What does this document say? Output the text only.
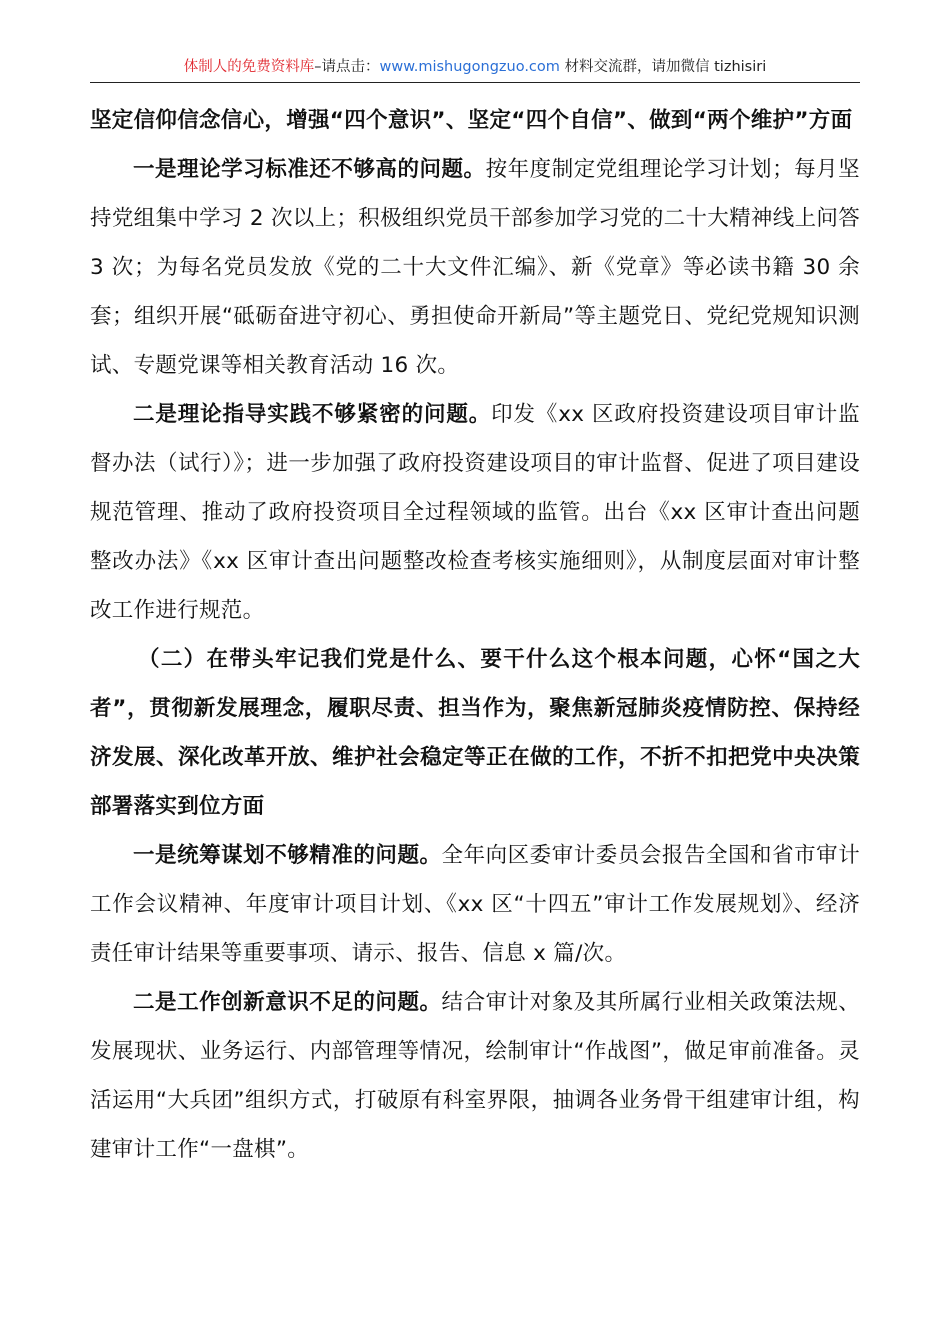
体制人的免费资料库–请点击：www.mishugongzuo.com 材料交流群，请加微信 tizhisiri

坚定信仰信念信心，增强“四个意识”、坚定“四个自信”、做到“两个维护”方面

一是理论学习标准还不够高的问题。按年度制定党组理论学习计划；每月坚持党组集中学习 2 次以上；积极组织党员干部参加学习党的二十大精神线上问答 3 次；为每名党员发放《党的二十大文件汇编》、新《党章》等必读书籍 30 余套；组织开展“砥砺奋进守初心、勇担使命开新局”等主题党日、党纪党规知识测试、专题党课等相关教育活动 16 次。

二是理论指导实践不够紧密的问题。印发《xx 区政府投资建设项目审计监督办法（试行）》；进一步加强了政府投资建设项目的审计监督、促进了项目建设规范管理、推动了政府投资项目全过程领域的监管。出台《xx 区审计查出问题整改办法》《xx 区审计查出问题整改检查考核实施细则》，从制度层面对审计整改工作进行规范。

（二）在带头牢记我们党是什么、要干什么这个根本问题，心怀“国之大者”，贯彻新发展理念，履职尽责、担当作为，聚焦新冠肺炎疫情防控、保持经济发展、深化改革开放、维护社会稳定等正在做的工作，不折不扣把党中央决策部署落实到位方面

一是统筹谋划不够精准的问题。全年向区委审计委员会报告全国和省市审计工作会议精神、年度审计项目计划、《xx 区“十四五”审计工作发展规划》、经济责任审计结果等重要事项、请示、报告、信息 x 篇/次。

二是工作创新意识不足的问题。结合审计对象及其所属行业相关政策法规、发展现状、业务运行、内部管理等情况，绘制审计“作战图”，做足审前准备。灵活运用“大兵团”组织方式，打破原有科室界限，抽调各业务骨干组建审计组，构建审计工作“一盘棋”。
